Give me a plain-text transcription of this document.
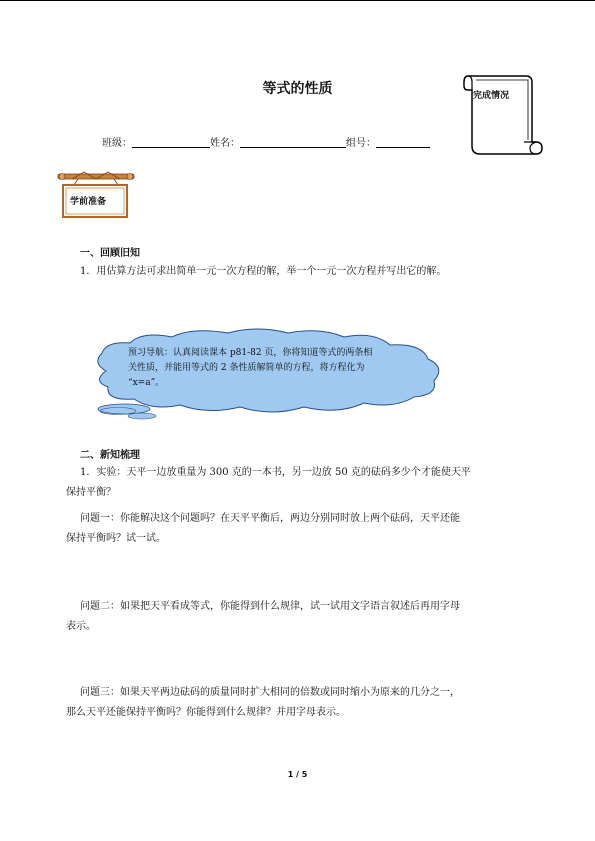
等式的性质	完成情况
班级：	姓名：	组号：
学前准备
一、回顾旧知
1．用估算方法可求出简单一元一次方程的解，举一个一元一次方程并写出它的解。
预习导航：认真阅读课本 p81-82 页，你将知道等式的两条相
关性质，并能用等式的 2 条性质解简单的方程，将方程化为
“x=a”。
二、新知梳理
1．实验：天平一边放重量为 300 克的一本书，另一边放 50 克的砝码多少个才能使天平
保持平衡？
问题一：你能解决这个问题吗？在天平平衡后，两边分别同时放上两个砝码，天平还能
保持平衡吗？试一试。
问题二：如果把天平看成等式，你能得到什么规律，试一试用文字语言叙述后再用字母
表示。
问题三：如果天平两边砝码的质量同时扩大相同的倍数或同时缩小为原来的几分之一，
那么天平还能保持平衡吗？你能得到什么规律？并用字母表示。
1 / 5
